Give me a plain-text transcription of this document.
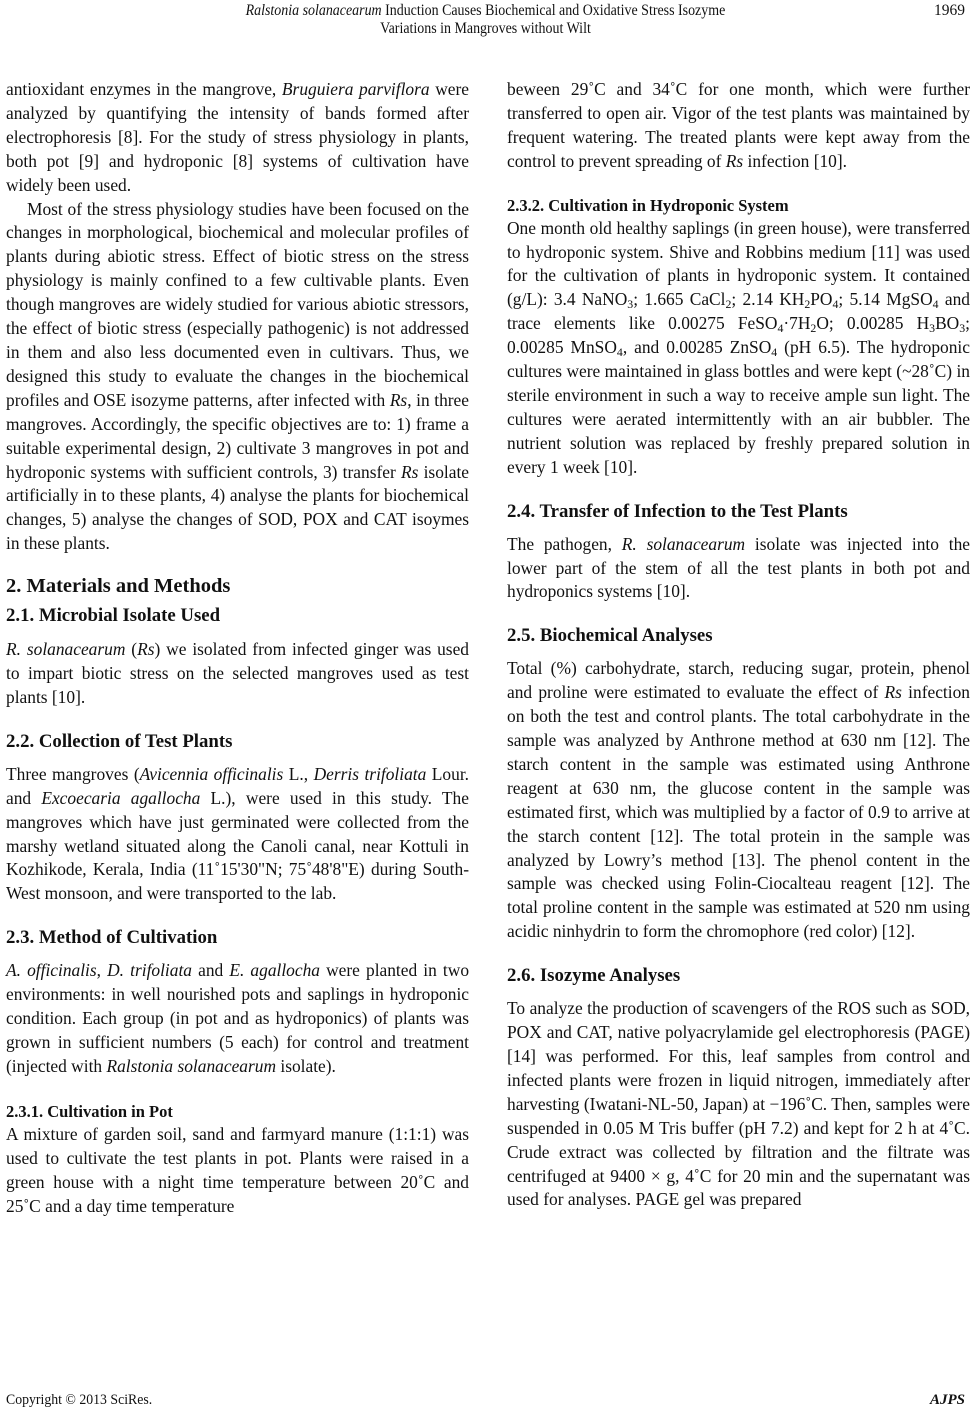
Ralstonia solanacearum Induction Causes Biochemical and Oxidative Stress Isozyme
Variations in Mangroves without Wilt
1969

antioxidant enzymes in the mangrove, Bruguiera parviflora were analyzed by quantifying the intensity of bands formed after electrophoresis [8]. For the study of stress physiology in plants, both pot [9] and hydroponic [8] systems of cultivation have widely been used.

Most of the stress physiology studies have been focused on the changes in morphological, biochemical and molecular profiles of plants during abiotic stress. Effect of biotic stress on the stress physiology is mainly confined to a few cultivable plants. Even though mangroves are widely studied for various abiotic stressors, the effect of biotic stress (especially pathogenic) is not addressed in them and also less documented even in cultivars. Thus, we designed this study to evaluate the changes in the biochemical profiles and OSE isozyme patterns, after infected with Rs, in three mangroves. Accordingly, the specific objectives are to: 1) frame a suitable experimental design, 2) cultivate 3 mangroves in pot and hydroponic systems with sufficient controls, 3) transfer Rs isolate artificially in to these plants, 4) analyse the plants for biochemical changes, 5) analyse the changes of SOD, POX and CAT isoymes in these plants.

2. Materials and Methods
2.1. Microbial Isolate Used

R. solanacearum (Rs) we isolated from infected ginger was used to impart biotic stress on the selected mangroves used as test plants [10].

2.2. Collection of Test Plants

Three mangroves (Avicennia officinalis L., Derris trifoliata Lour. and Excoecaria agallocha L.), were used in this study. The mangroves which have just germinated were collected from the marshy wetland situated along the Canoli canal, near Kottuli in Kozhikode, Kerala, India (11˚15'30"N; 75˚48'8"E) during South-West monsoon, and were transported to the lab.

2.3. Method of Cultivation

A. officinalis, D. trifoliata and E. agallocha were planted in two environments: in well nourished pots and saplings in hydroponic condition. Each group (in pot and as hydroponics) of plants was grown in sufficient numbers (5 each) for control and treatment (injected with Ralstonia solanacearum isolate).

2.3.1. Cultivation in Pot

A mixture of garden soil, sand and farmyard manure (1:1:1) was used to cultivate the test plants in pot. Plants were raised in a green house with a night time temperature between 20˚C and 25˚C and a day time temperature

beween 29˚C and 34˚C for one month, which were further transferred to open air. Vigor of the test plants was maintained by frequent watering. The treated plants were kept away from the control to prevent spreading of Rs infection [10].

2.3.2. Cultivation in Hydroponic System

One month old healthy saplings (in green house), were transferred to hydroponic system. Shive and Robbins medium [11] was used for the cultivation of plants in hydroponic system. It contained (g/L): 3.4 NaNO$_3$; 1.665 CaCl$_2$; 2.14 $KH_2PO_4$; 5.14 MgSO$_4$ and trace elements like 0.00275 $FeSO_4\cdot 7H_2O$; 0.00285 $H_3BO_3$; 0.00285 MnSO$_4$, and 0.00285 ZnSO$_4$ (pH 6.5). The hydroponic cultures were maintained in glass bottles and were kept (~28˚C) in sterile environment in such a way to receive ample sun light. The cultures were aerated intermittently with an air bubbler. The nutrient solution was replaced by freshly prepared solution in every 1 week [10].

2.4. Transfer of Infection to the Test Plants

The pathogen, R. solanacearum isolate was injected into the lower part of the stem of all the test plants in both pot and hydroponics systems [10].

2.5. Biochemical Analyses

Total (%) carbohydrate, starch, reducing sugar, protein, phenol and proline were estimated to evaluate the effect of Rs infection on both the test and control plants. The total carbohydrate in the sample was analyzed by Anthrone method at 630 nm [12]. The starch content in the sample was estimated using Anthrone reagent at 630 nm, the glucose content in the sample was estimated first, which was multiplied by a factor of 0.9 to arrive at the starch content [12]. The total protein in the sample was analyzed by Lowry’s method [13]. The phenol content in the sample was checked using Folin-Ciocalteau reagent [12]. The total proline content in the sample was estimated at 520 nm using acidic ninhydrin to form the chromophore (red color) [12].

2.6. Isozyme Analyses

To analyze the production of scavengers of the ROS such as SOD, POX and CAT, native polyacrylamide gel electrophoresis (PAGE) [14] was performed. For this, leaf samples from control and infected plants were frozen in liquid nitrogen, immediately after harvesting (Iwatani-NL-50, Japan) at −196˚C. Then, samples were suspended in 0.05 M Tris buffer (pH 7.2) and kept for 2 h at 4˚C. Crude extract was collected by filtration and the filtrate was centrifuged at 9400 × g, 4˚C for 20 min and the supernatant was used for analyses. PAGE gel was prepared

Copyright © 2013 SciRes.	AJPS
